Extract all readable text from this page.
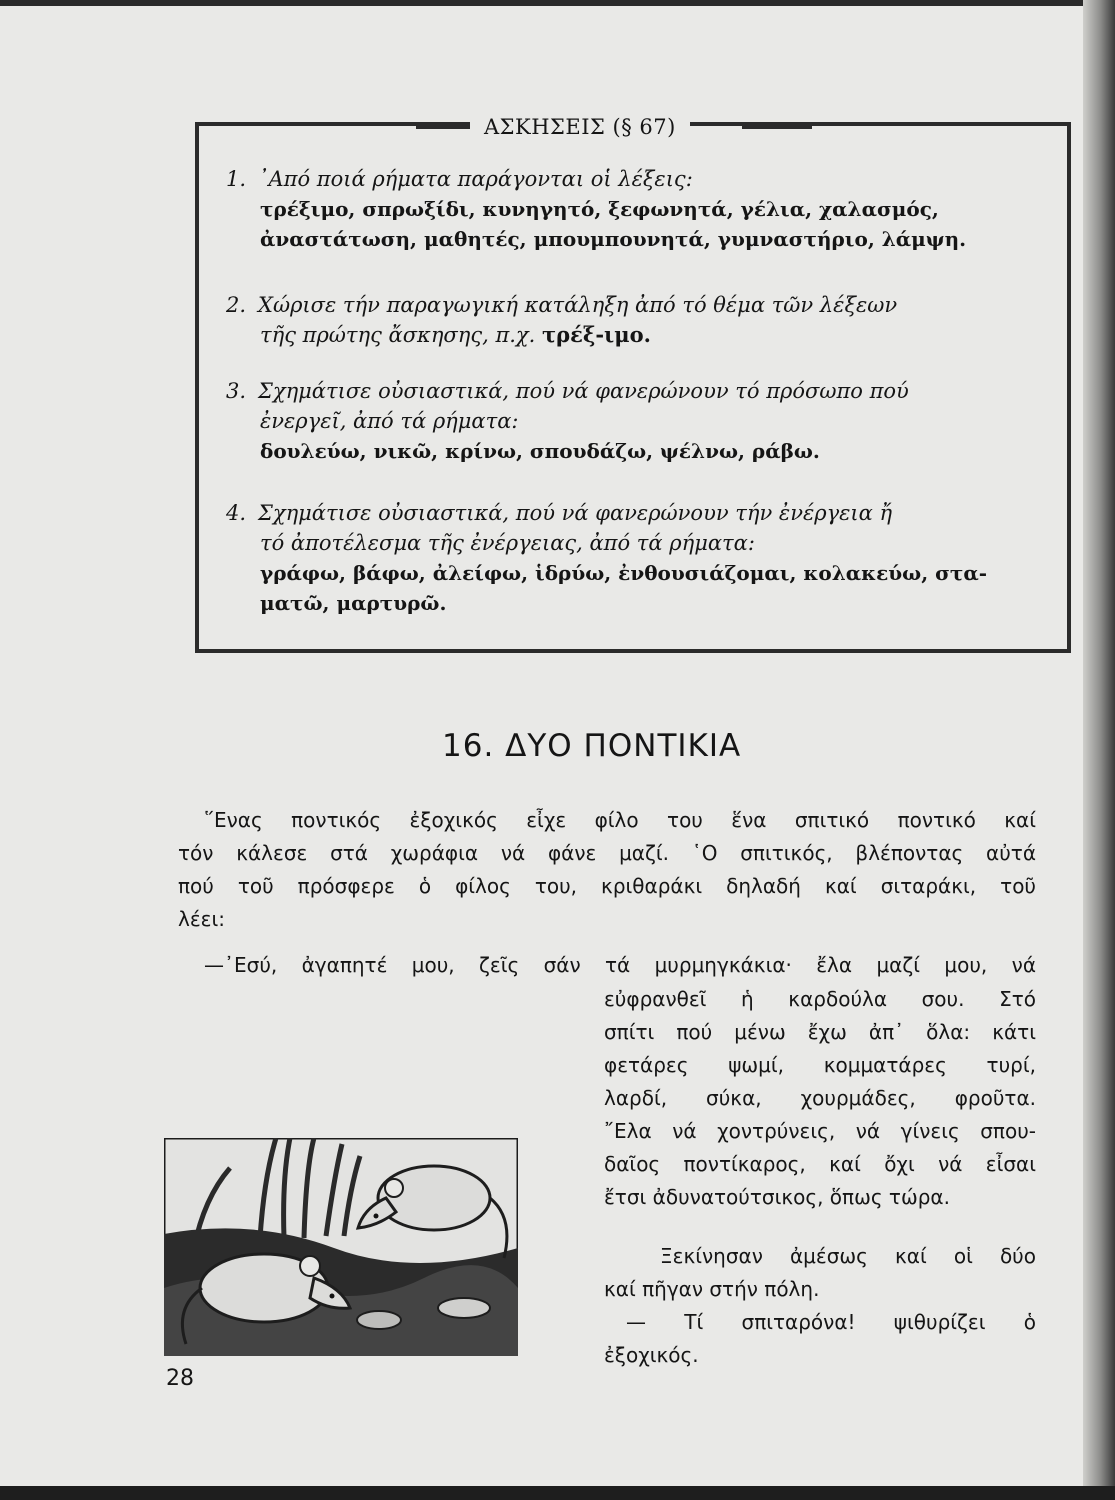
ΑΣΚΗΣΕΙΣ (§ 67)
1. ᾿Από ποιά ρήματα παράγονται οἱ λέξεις:
τρέξιμο, σπρωξίδι, κυνηγητό, ξεφωνητά, γέλια, χαλασμός,
ἀναστάτωση, μαθητές, μπουμπουνητά, γυμναστήριο, λάμψη.
2. Χώρισε τήν παραγωγική κατάληξη ἀπό τό θέμα τῶν λέξεων
τῆς πρώτης ἄσκησης, π.χ. τρέξ-ιμο.
3. Σχημάτισε οὐσιαστικά, πού νά φανερώνουν τό πρόσωπο πού
ἐνεργεῖ, ἀπό τά ρήματα:
δουλεύω, νικῶ, κρίνω, σπουδάζω, ψέλνω, ράβω.
4. Σχημάτισε οὐσιαστικά, πού νά φανερώνουν τήν ἐνέργεια ἤ
τό ἀποτέλεσμα τῆς ἐνέργειας, ἀπό τά ρήματα:
γράφω, βάφω, ἀλείφω, ἱδρύω, ἐνθουσιάζομαι, κολακεύω, στα-
ματῶ, μαρτυρῶ.
16. ΔΥΟ ΠΟΝΤΙΚΙΑ
῞Ενας ποντικός ἐξοχικός εἶχε φίλο του ἕνα σπιτικό ποντικό καί
τόν κάλεσε στά χωράφια νά φάνε μαζί. ῾Ο σπιτικός, βλέποντας αὐτά
πού τοῦ πρόσφερε ὁ φίλος του, κριθαράκι δηλαδή καί σιταράκι, τοῦ
λέει:
—᾿Εσύ, ἀγαπητέ μου, ζεῖς σάν τά μυρμηγκάκια· ἔλα μαζί μου, νά
εὐφρανθεῖ ἡ καρδούλα σου. Στό
σπίτι πού μένω ἔχω ἀπ᾿ ὅλα: κάτι
φετάρες ψωμί, κομματάρες τυρί,
λαρδί, σύκα, χουρμάδες, φροῦτα.
῎Ελα νά χοντρύνεις, νά γίνεις σπου-
δαῖος ποντίκαρος, καί ὄχι νά εἶσαι
ἔτσι ἀδυνατούτσικος, ὅπως τώρα.
Ξεκίνησαν ἀμέσως καί οἱ δύο
καί πῆγαν στήν πόλη.
— Τί σπιταρόνα! ψιθυρίζει ὁ
ἐξοχικός.
28
